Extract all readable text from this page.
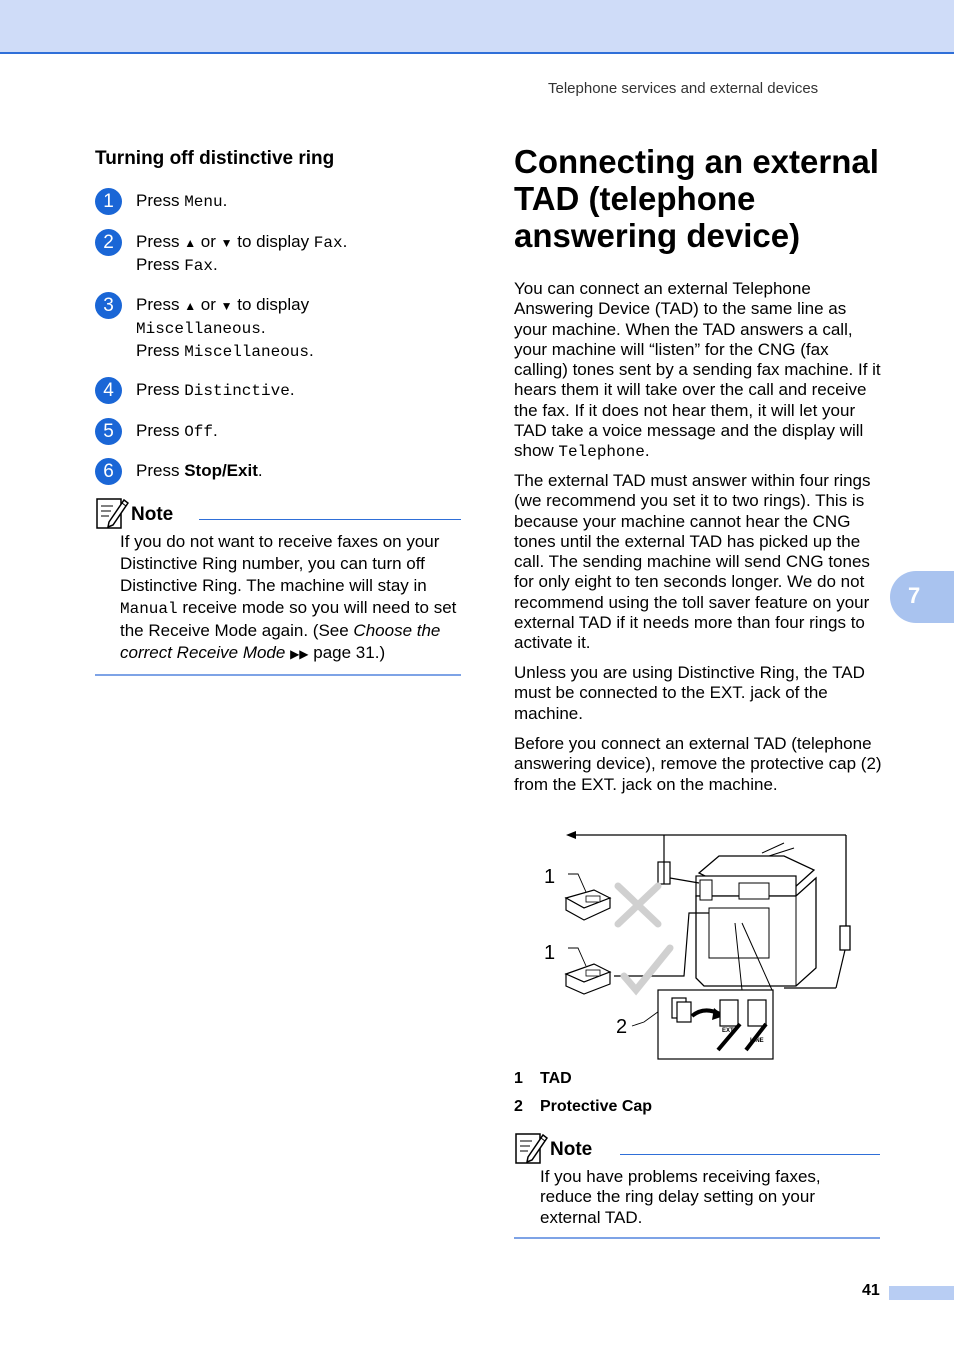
Telephone services and external devices
Turning off distinctive ring
1	Press Menu.
2	Press ▲ or ▼ to display Fax.
Press Fax.
3	Press ▲ or ▼ to display
Miscellaneous.
Press Miscellaneous.
4	Press Distinctive.
5	Press Off.
6	Press Stop/Exit.
Note
If you do not want to receive faxes on your Distinctive Ring number, you can turn off Distinctive Ring. The machine will stay in Manual receive mode so you will need to set the Receive Mode again. (See Choose the correct Receive Mode ▶▶ page 31.)
Connecting an external TAD (telephone answering device)
You can connect an external Telephone Answering Device (TAD) to the same line as your machine. When the TAD answers a call, your machine will “listen” for the CNG (fax calling) tones sent by a sending fax machine. If it hears them it will take over the call and receive the fax. If it does not hear them, it will let your TAD take a voice message and the display will show Telephone.
The external TAD must answer within four rings (we recommend you set it to two rings). This is because your machine cannot hear the CNG tones until the external TAD has picked up the call. The sending machine will send CNG tones for only eight to ten seconds longer. We do not recommend using the toll saver feature on your external TAD if it needs more than four rings to activate it.
Unless you are using Distinctive Ring, the TAD must be connected to the EXT. jack of the machine.
Before you connect an external TAD (telephone answering device), remove the protective cap (2) from the EXT. jack on the machine.
1
1
2	EXT
LINE
1 TAD
2 Protective Cap
Note
If you have problems receiving faxes, reduce the ring delay setting on your external TAD.
7
41
